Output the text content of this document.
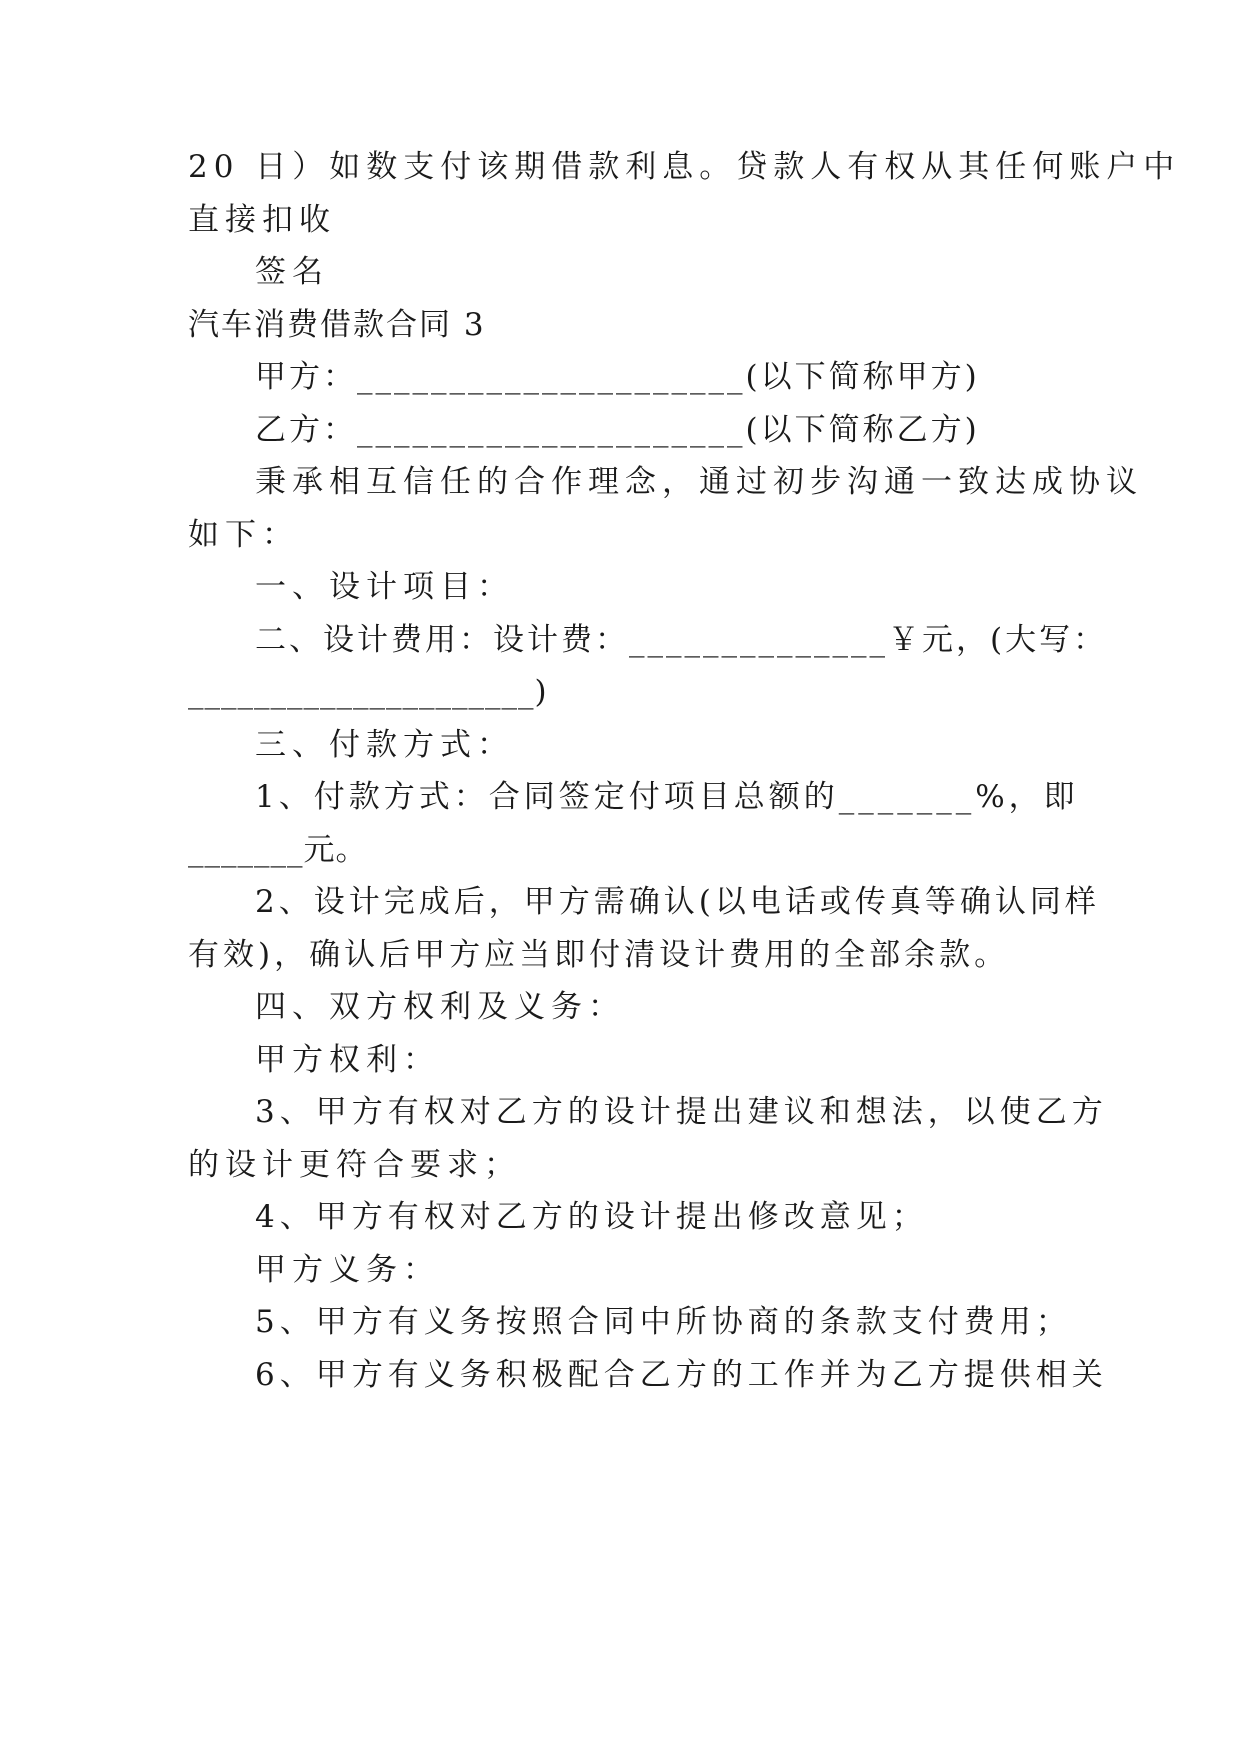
20 日）如数支付该期借款利息。贷款人有权从其任何账户中
直接扣收
签名
汽车消费借款合同 3
甲方：_____________________(以下简称甲方)
乙方：_____________________(以下简称乙方)
秉承相互信任的合作理念，通过初步沟通一致达成协议
如下：
一、设计项目：
二、设计费用：设计费：______________￥元，(大写：
_____________________)
三、付款方式：
1、付款方式：合同签定付项目总额的_______%，即
_______元。
2、设计完成后，甲方需确认(以电话或传真等确认同样
有效)，确认后甲方应当即付清设计费用的全部余款。
四、双方权利及义务：
甲方权利：
3、甲方有权对乙方的设计提出建议和想法，以使乙方
的设计更符合要求；
4、甲方有权对乙方的设计提出修改意见；
甲方义务：
5、甲方有义务按照合同中所协商的条款支付费用；
6、甲方有义务积极配合乙方的工作并为乙方提供相关
